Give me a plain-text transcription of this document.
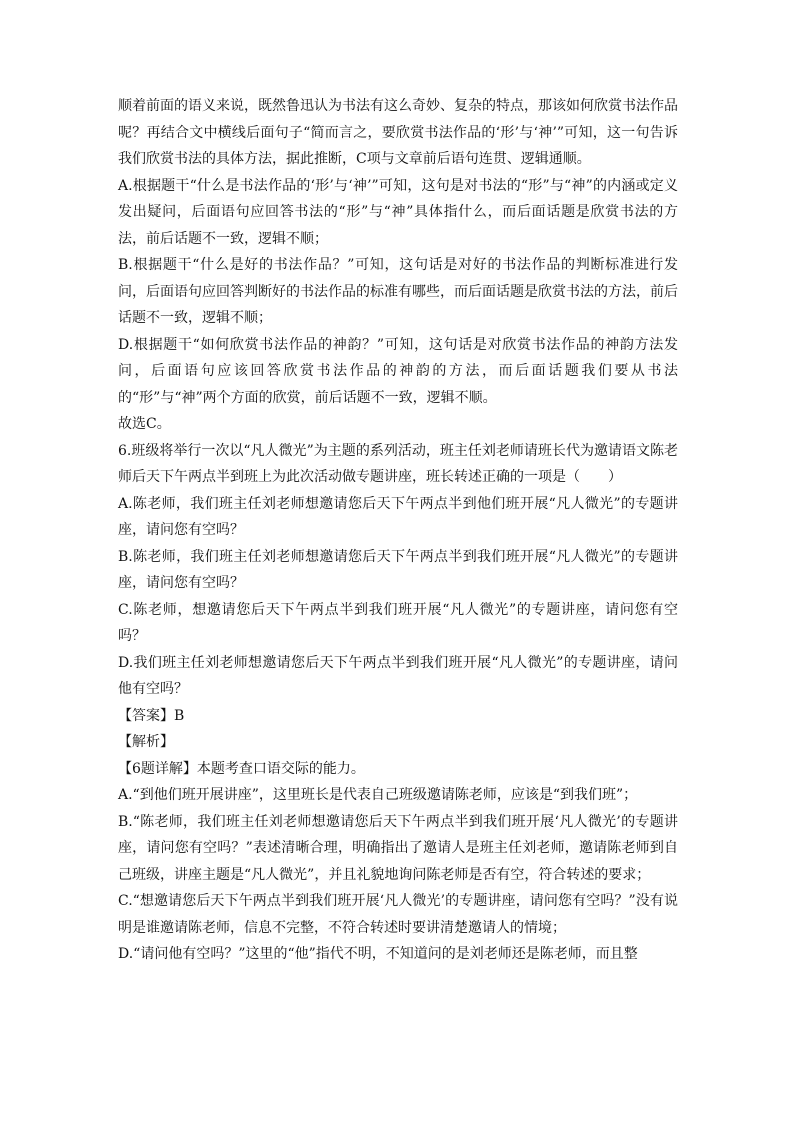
顺着前面的语义来说，既然鲁迅认为书法有这么奇妙、复杂的特点，那该如何欣赏书法作品呢？再结合文中横线后面句子“简而言之，要欣赏书法作品的‘形’与‘神’”可知，这一句告诉我们欣赏书法的具体方法，据此推断，C项与文章前后语句连贯、逻辑通顺。

A.根据题干“什么是书法作品的‘形’与‘神’”可知，这句是对书法的“形”与“神”的内涵或定义发出疑问，后面语句应回答书法的“形”与“神”具体指什么，而后面话题是欣赏书法的方法，前后话题不一致，逻辑不顺；

B.根据题干“什么是好的书法作品？”可知，这句话是对好的书法作品的判断标准进行发问，后面语句应回答判断好的书法作品的标准有哪些，而后面话题是欣赏书法的方法，前后话题不一致，逻辑不顺；

D.根据题干“如何欣赏书法作品的神韵？”可知，这句话是对欣赏书法作品的神韵方法发问，后面语句应该回答欣赏书法作品的神韵的方法，而后面话题我们要从书法的“形”与“神”两个方面的欣赏，前后话题不一致，逻辑不顺。

故选C。

6.班级将举行一次以“凡人微光”为主题的系列活动，班主任刘老师请班长代为邀请语文陈老师后天下午两点半到班上为此次活动做专题讲座，班长转述正确的一项是（　　）

A.陈老师，我们班主任刘老师想邀请您后天下午两点半到他们班开展“凡人微光”的专题讲座，请问您有空吗？

B.陈老师，我们班主任刘老师想邀请您后天下午两点半到我们班开展“凡人微光”的专题讲座，请问您有空吗？

C.陈老师，想邀请您后天下午两点半到我们班开展“凡人微光”的专题讲座，请问您有空吗？

D.我们班主任刘老师想邀请您后天下午两点半到我们班开展“凡人微光”的专题讲座，请问他有空吗？

【答案】B

【解析】

【6题详解】本题考查口语交际的能力。

A.“到他们班开展讲座”，这里班长是代表自己班级邀请陈老师，应该是“到我们班”；

B.“陈老师，我们班主任刘老师想邀请您后天下午两点半到我们班开展‘凡人微光’的专题讲座，请问您有空吗？”表述清晰合理，明确指出了邀请人是班主任刘老师，邀请陈老师到自己班级，讲座主题是“凡人微光”，并且礼貌地询问陈老师是否有空，符合转述的要求；

C.“想邀请您后天下午两点半到我们班开展‘凡人微光’的专题讲座，请问您有空吗？”没有说明是谁邀请陈老师，信息不完整，不符合转述时要讲清楚邀请人的情境；

D.“请问他有空吗？”这里的“他”指代不明，不知道问的是刘老师还是陈老师，而且整
